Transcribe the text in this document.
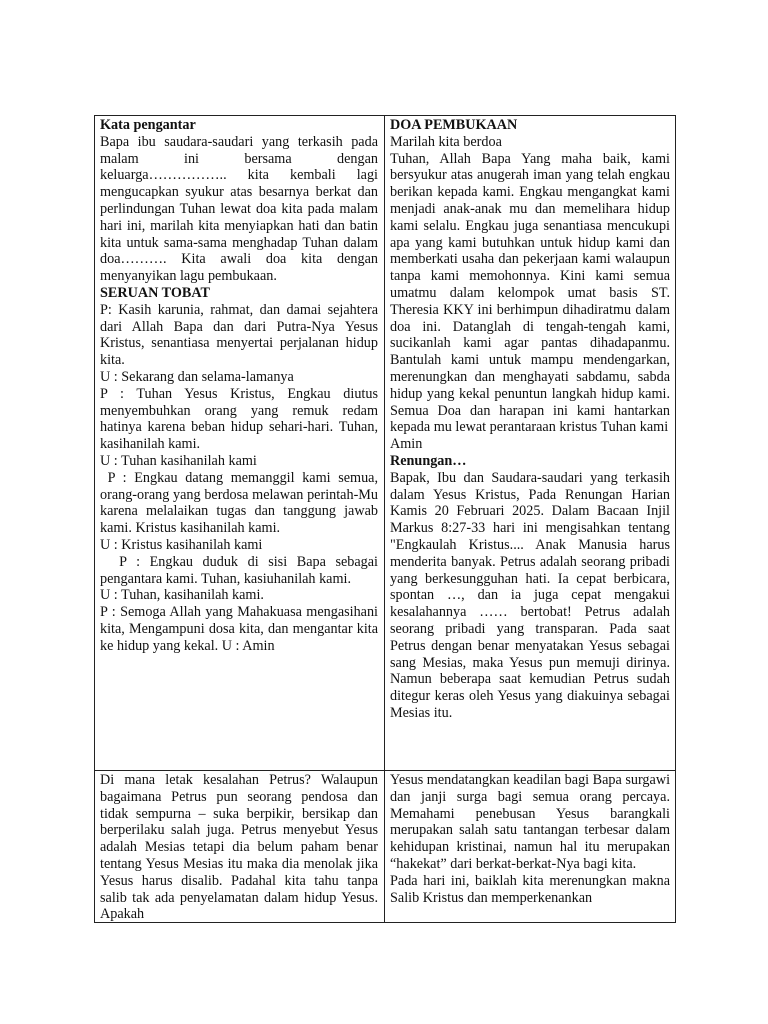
Kata pengantar

Bapa ibu saudara-saudari yang terkasih pada malam ini bersama dengan keluarga…………….. kita kembali lagi mengucapkan syukur atas besarnya berkat dan perlindungan Tuhan lewat doa kita pada malam hari ini, marilah kita menyiapkan hati dan batin kita untuk sama-sama menghadap Tuhan dalam doa………. Kita awali doa kita dengan menyanyikan lagu pembukaan.

SERUAN TOBAT

P: Kasih karunia, rahmat, dan damai sejahtera dari Allah Bapa dan dari Putra-Nya Yesus Kristus, senantiasa menyertai perjalanan hidup kita.

U : Sekarang dan selama-lamanya

P : Tuhan Yesus Kristus, Engkau diutus menyembuhkan orang yang remuk redam hatinya karena beban hidup sehari-hari. Tuhan, kasihanilah kami.

U : Tuhan kasihanilah kami

P : Engkau datang memanggil kami semua, orang-orang yang berdosa melawan perintah-Mu karena melalaikan tugas dan tanggung jawab kami. Kristus kasihanilah kami.

U : Kristus kasihanilah kami

P : Engkau duduk di sisi Bapa sebagai pengantara kami. Tuhan, kasiuhanilah kami.

U : Tuhan, kasihanilah kami.

P : Semoga Allah yang Mahakuasa mengasihani kita, Mengampuni dosa kita, dan mengantar kita ke hidup yang kekal. U : Amin

DOA PEMBUKAAN

Marilah kita berdoa

Tuhan, Allah Bapa Yang maha baik, kami bersyukur atas anugerah iman yang telah engkau berikan kepada kami. Engkau mengangkat kami menjadi anak-anak mu dan memelihara hidup kami selalu. Engkau juga senantiasa mencukupi apa yang kami butuhkan untuk hidup kami dan memberkati usaha dan pekerjaan kami walaupun tanpa kami memohonnya. Kini kami semua umatmu dalam kelompok umat basis ST. Theresia KKY ini berhimpun dihadiratmu dalam doa ini. Datanglah di tengah-tengah kami, sucikanlah kami agar pantas dihadapanmu. Bantulah kami untuk mampu mendengarkan, merenungkan dan menghayati sabdamu, sabda hidup yang kekal penuntun langkah hidup kami. Semua Doa dan harapan ini kami hantarkan kepada mu lewat perantaraan kristus Tuhan kami

Amin

Renungan…

Bapak, Ibu dan Saudara-saudari yang terkasih dalam Yesus Kristus, Pada Renungan Harian Kamis 20 Februari 2025. Dalam Bacaan Injil Markus 8:27-33 hari ini mengisahkan tentang "Engkaulah Kristus.... Anak Manusia harus menderita banyak. Petrus adalah seorang pribadi yang berkesungguhan hati. Ia cepat berbicara, spontan …, dan ia juga cepat mengakui kesalahannya …… bertobat! Petrus adalah seorang pribadi yang transparan. Pada saat Petrus dengan benar menyatakan Yesus sebagai sang Mesias, maka Yesus pun memuji dirinya. Namun beberapa saat kemudian Petrus sudah ditegur keras oleh Yesus yang diakuinya sebagai Mesias itu.

Di mana letak kesalahan Petrus? Walaupun bagaimana Petrus pun seorang pendosa dan tidak sempurna – suka berpikir, bersikap dan berperilaku salah juga. Petrus menyebut Yesus adalah Mesias tetapi dia belum paham benar tentang Yesus Mesias itu maka dia menolak jika Yesus harus disalib. Padahal kita tahu tanpa salib tak ada penyelamatan dalam hidup Yesus. Apakah

Yesus mendatangkan keadilan bagi Bapa surgawi dan janji surga bagi semua orang percaya. Memahami penebusan Yesus barangkali merupakan salah satu tantangan terbesar dalam kehidupan kristinai, namun hal itu merupakan “hakekat” dari berkat-berkat-Nya bagi kita.

Pada hari ini, baiklah kita merenungkan makna Salib Kristus dan memperkenankan
